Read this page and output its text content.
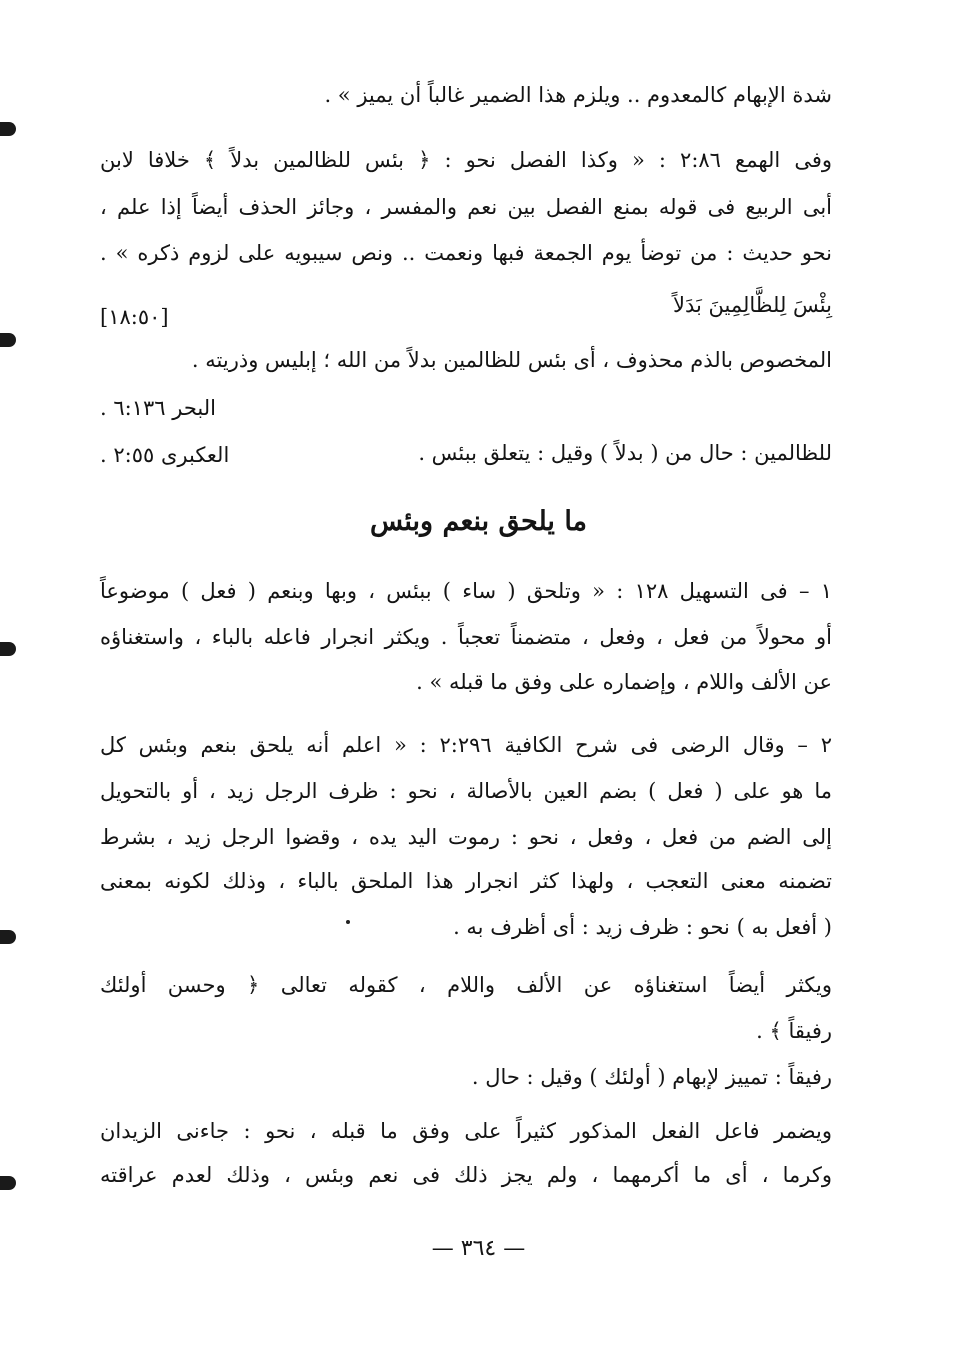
شدة الإبهام كالمعدوم .. ويلزم هذا الضمير غالباً أن يميز » .
وفى الهمع ٢:٨٦ : « وكذا الفصل نحو : ﴿ بئس للظالمين بدلاً ﴾ خلافا لابن
أبى الربيع فى قوله بمنع الفصل بين نعم والمفسر ، وجائز الحذف أيضاً إذا علم ،
نحو حديث : من توضأ يوم الجمعة فبها ونعمت .. ونص سيبويه على لزوم ذكره » .
بِئْسَ لِلظَّالِمِينَ بَدَلاً
[١٨:٥٠]
المخصوص بالذم محذوف ، أى بئس للظالمين بدلاً من الله ؛ إبليس وذريته .
البحر ٦:١٣٦ .
للظالمين : حال من ( بدلاً ) وقيل : يتعلق ببئس .
العكبرى ٢:٥٥ .
ما يلحق بنعم وبئس
١ – فى التسهيل ١٢٨ : « وتلحق ( ساء ) ببئس ، وبها وبنعم ( فعل ) موضوعاً
أو محولاً من فعل ، وفعل ، متضمناً تعجباً . ويكثر انجرار فاعله بالباء ، واستغناؤه
عن الألف واللام ، وإضماره على وفق ما قبله » .
٢ – وقال الرضى فى شرح الكافية ٢:٢٩٦ : « اعلم أنه يلحق بنعم وبئس كل
ما هو على ( فعل ) بضم العين بالأصالة ، نحو : ظرف الرجل زيد ، أو بالتحويل
إلى الضم من فعل ، وفعل ، نحو : رموت اليد يده ، وقضوا الرجل زيد ، بشرط
تضمنه معنى التعجب ، ولهذا كثر انجرار هذا الملحق بالباء ، وذلك لكونه بمعنى
( أفعل به ) نحو : ظرف زيد : أى أظرف به .
ويكثر أيضاً استغناؤه عن الألف واللام ، كقوله تعالى ﴿ وحسن أولئك
رفيقاً ﴾ .
رفيقاً : تمييز لإبهام ( أولئك ) وقيل : حال .
ويضمر فاعل الفعل المذكور كثيراً على وفق ما قبله ، نحو : جاءنى الزيدان
وكرما ، أى ما أكرمهما ، ولم يجز ذلك فى نعم وبئس ، وذلك لعدم عراقته
— ٣٦٤ —
